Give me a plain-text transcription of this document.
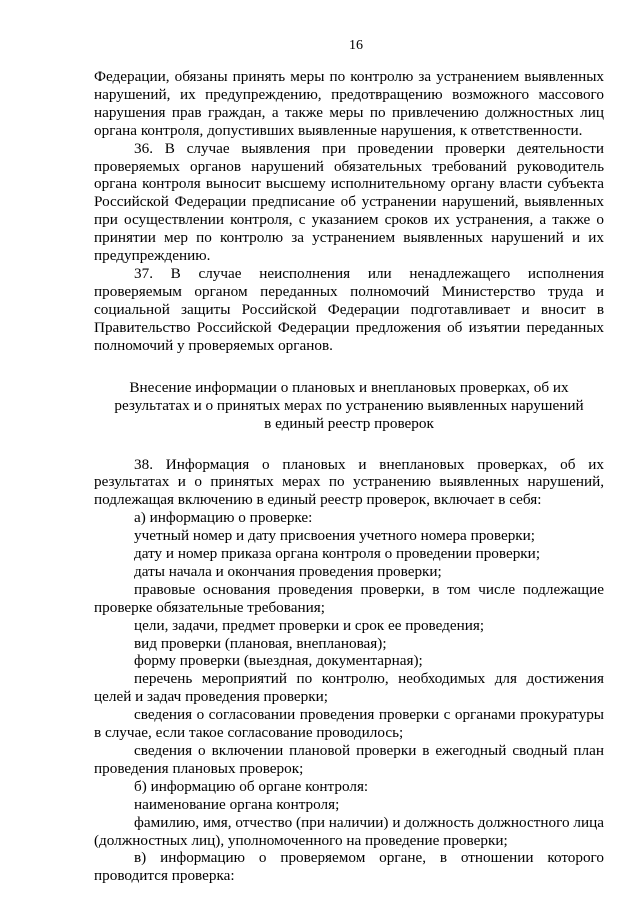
16

Федерации, обязаны принять меры по контролю за устранением выявленных нарушений, их предупреждению, предотвращению возможного массового нарушения прав граждан, а также меры по привлечению должностных лиц органа контроля, допустивших выявленные нарушения, к ответственности.

36. В случае выявления при проведении проверки деятельности проверяемых органов нарушений обязательных требований руководитель органа контроля выносит высшему исполнительному органу власти субъекта Российской Федерации предписание об устранении нарушений, выявленных при осуществлении контроля, с указанием сроков их устранения, а также о принятии мер по контролю за устранением выявленных нарушений и их предупреждению.

37. В случае неисполнения или ненадлежащего исполнения проверяемым органом переданных полномочий Министерство труда и социальной защиты Российской Федерации подготавливает и вносит в Правительство Российской Федерации предложения об изъятии переданных полномочий у проверяемых органов.

Внесение информации о плановых и внеплановых проверках, об их
результатах и о принятых мерах по устранению выявленных нарушений
в единый реестр проверок

38. Информация о плановых и внеплановых проверках, об их результатах и о принятых мерах по устранению выявленных нарушений, подлежащая включению в единый реестр проверок, включает в себя:

а) информацию о проверке:

учетный номер и дату присвоения учетного номера проверки;

дату и номер приказа органа контроля о проведении проверки;

даты начала и окончания проведения проверки;

правовые основания проведения проверки, в том числе подлежащие проверке обязательные требования;

цели, задачи, предмет проверки и срок ее проведения;

вид проверки (плановая, внеплановая);

форму проверки (выездная, документарная);

перечень мероприятий по контролю, необходимых для достижения целей и задач проведения проверки;

сведения о согласовании проведения проверки с органами прокуратуры в случае, если такое согласование проводилось;

сведения о включении плановой проверки в ежегодный сводный план проведения плановых проверок;

б) информацию об органе контроля:

наименование органа контроля;

фамилию, имя, отчество (при наличии) и должность должностного лица (должностных лиц), уполномоченного на проведение проверки;

в) информацию о проверяемом органе, в отношении которого проводится проверка:
